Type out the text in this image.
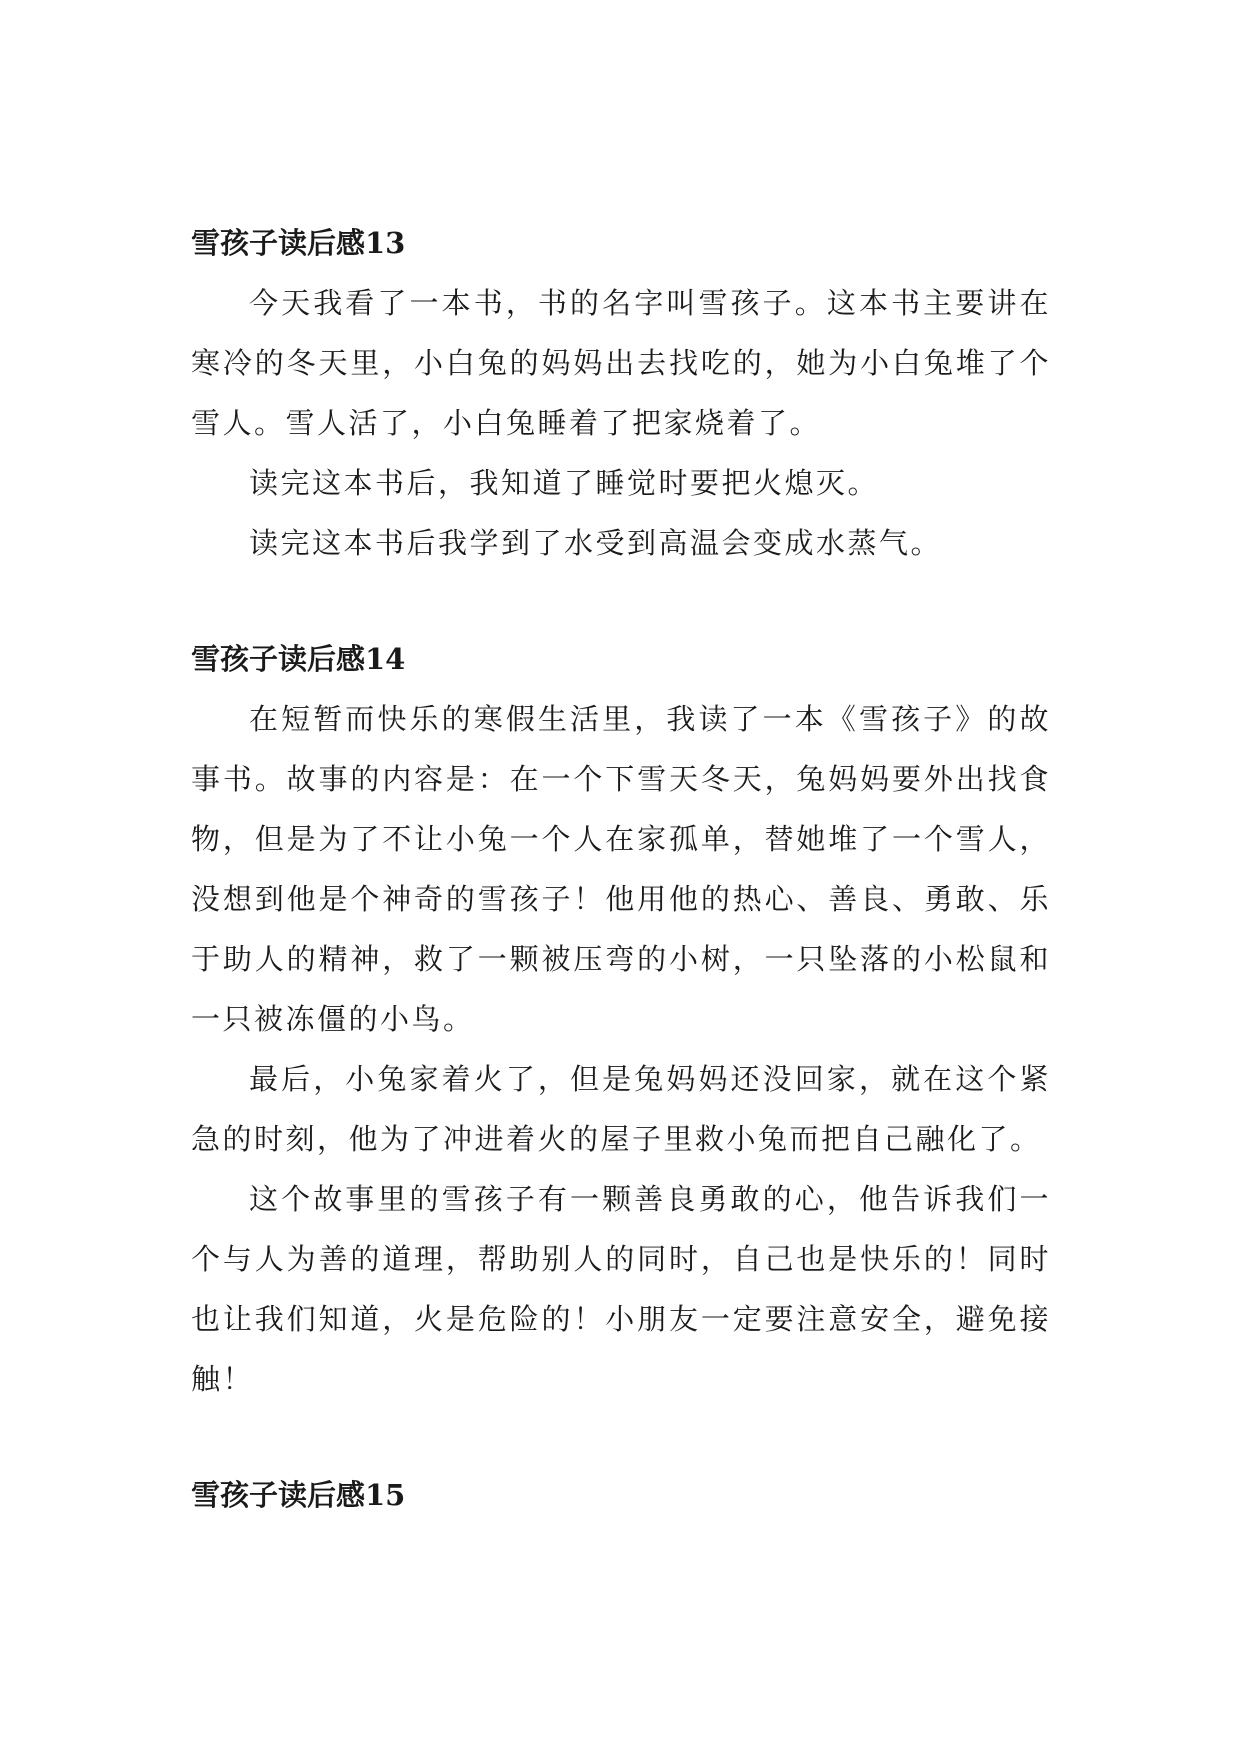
雪孩子读后感13

今天我看了一本书，书的名字叫雪孩子。这本书主要讲在寒冷的冬天里，小白兔的妈妈出去找吃的，她为小白兔堆了个雪人。雪人活了，小白兔睡着了把家烧着了。

读完这本书后，我知道了睡觉时要把火熄灭。

读完这本书后我学到了水受到高温会变成水蒸气。

雪孩子读后感14

在短暂而快乐的寒假生活里，我读了一本《雪孩子》的故事书。故事的内容是：在一个下雪天冬天，兔妈妈要外出找食物，但是为了不让小兔一个人在家孤单，替她堆了一个雪人，没想到他是个神奇的雪孩子！他用他的热心、善良、勇敢、乐于助人的精神，救了一颗被压弯的小树，一只坠落的小松鼠和一只被冻僵的小鸟。

最后，小兔家着火了，但是兔妈妈还没回家，就在这个紧急的时刻，他为了冲进着火的屋子里救小兔而把自己融化了。

这个故事里的雪孩子有一颗善良勇敢的心，他告诉我们一个与人为善的道理，帮助别人的同时，自己也是快乐的！同时也让我们知道，火是危险的！小朋友一定要注意安全，避免接触！

雪孩子读后感15
